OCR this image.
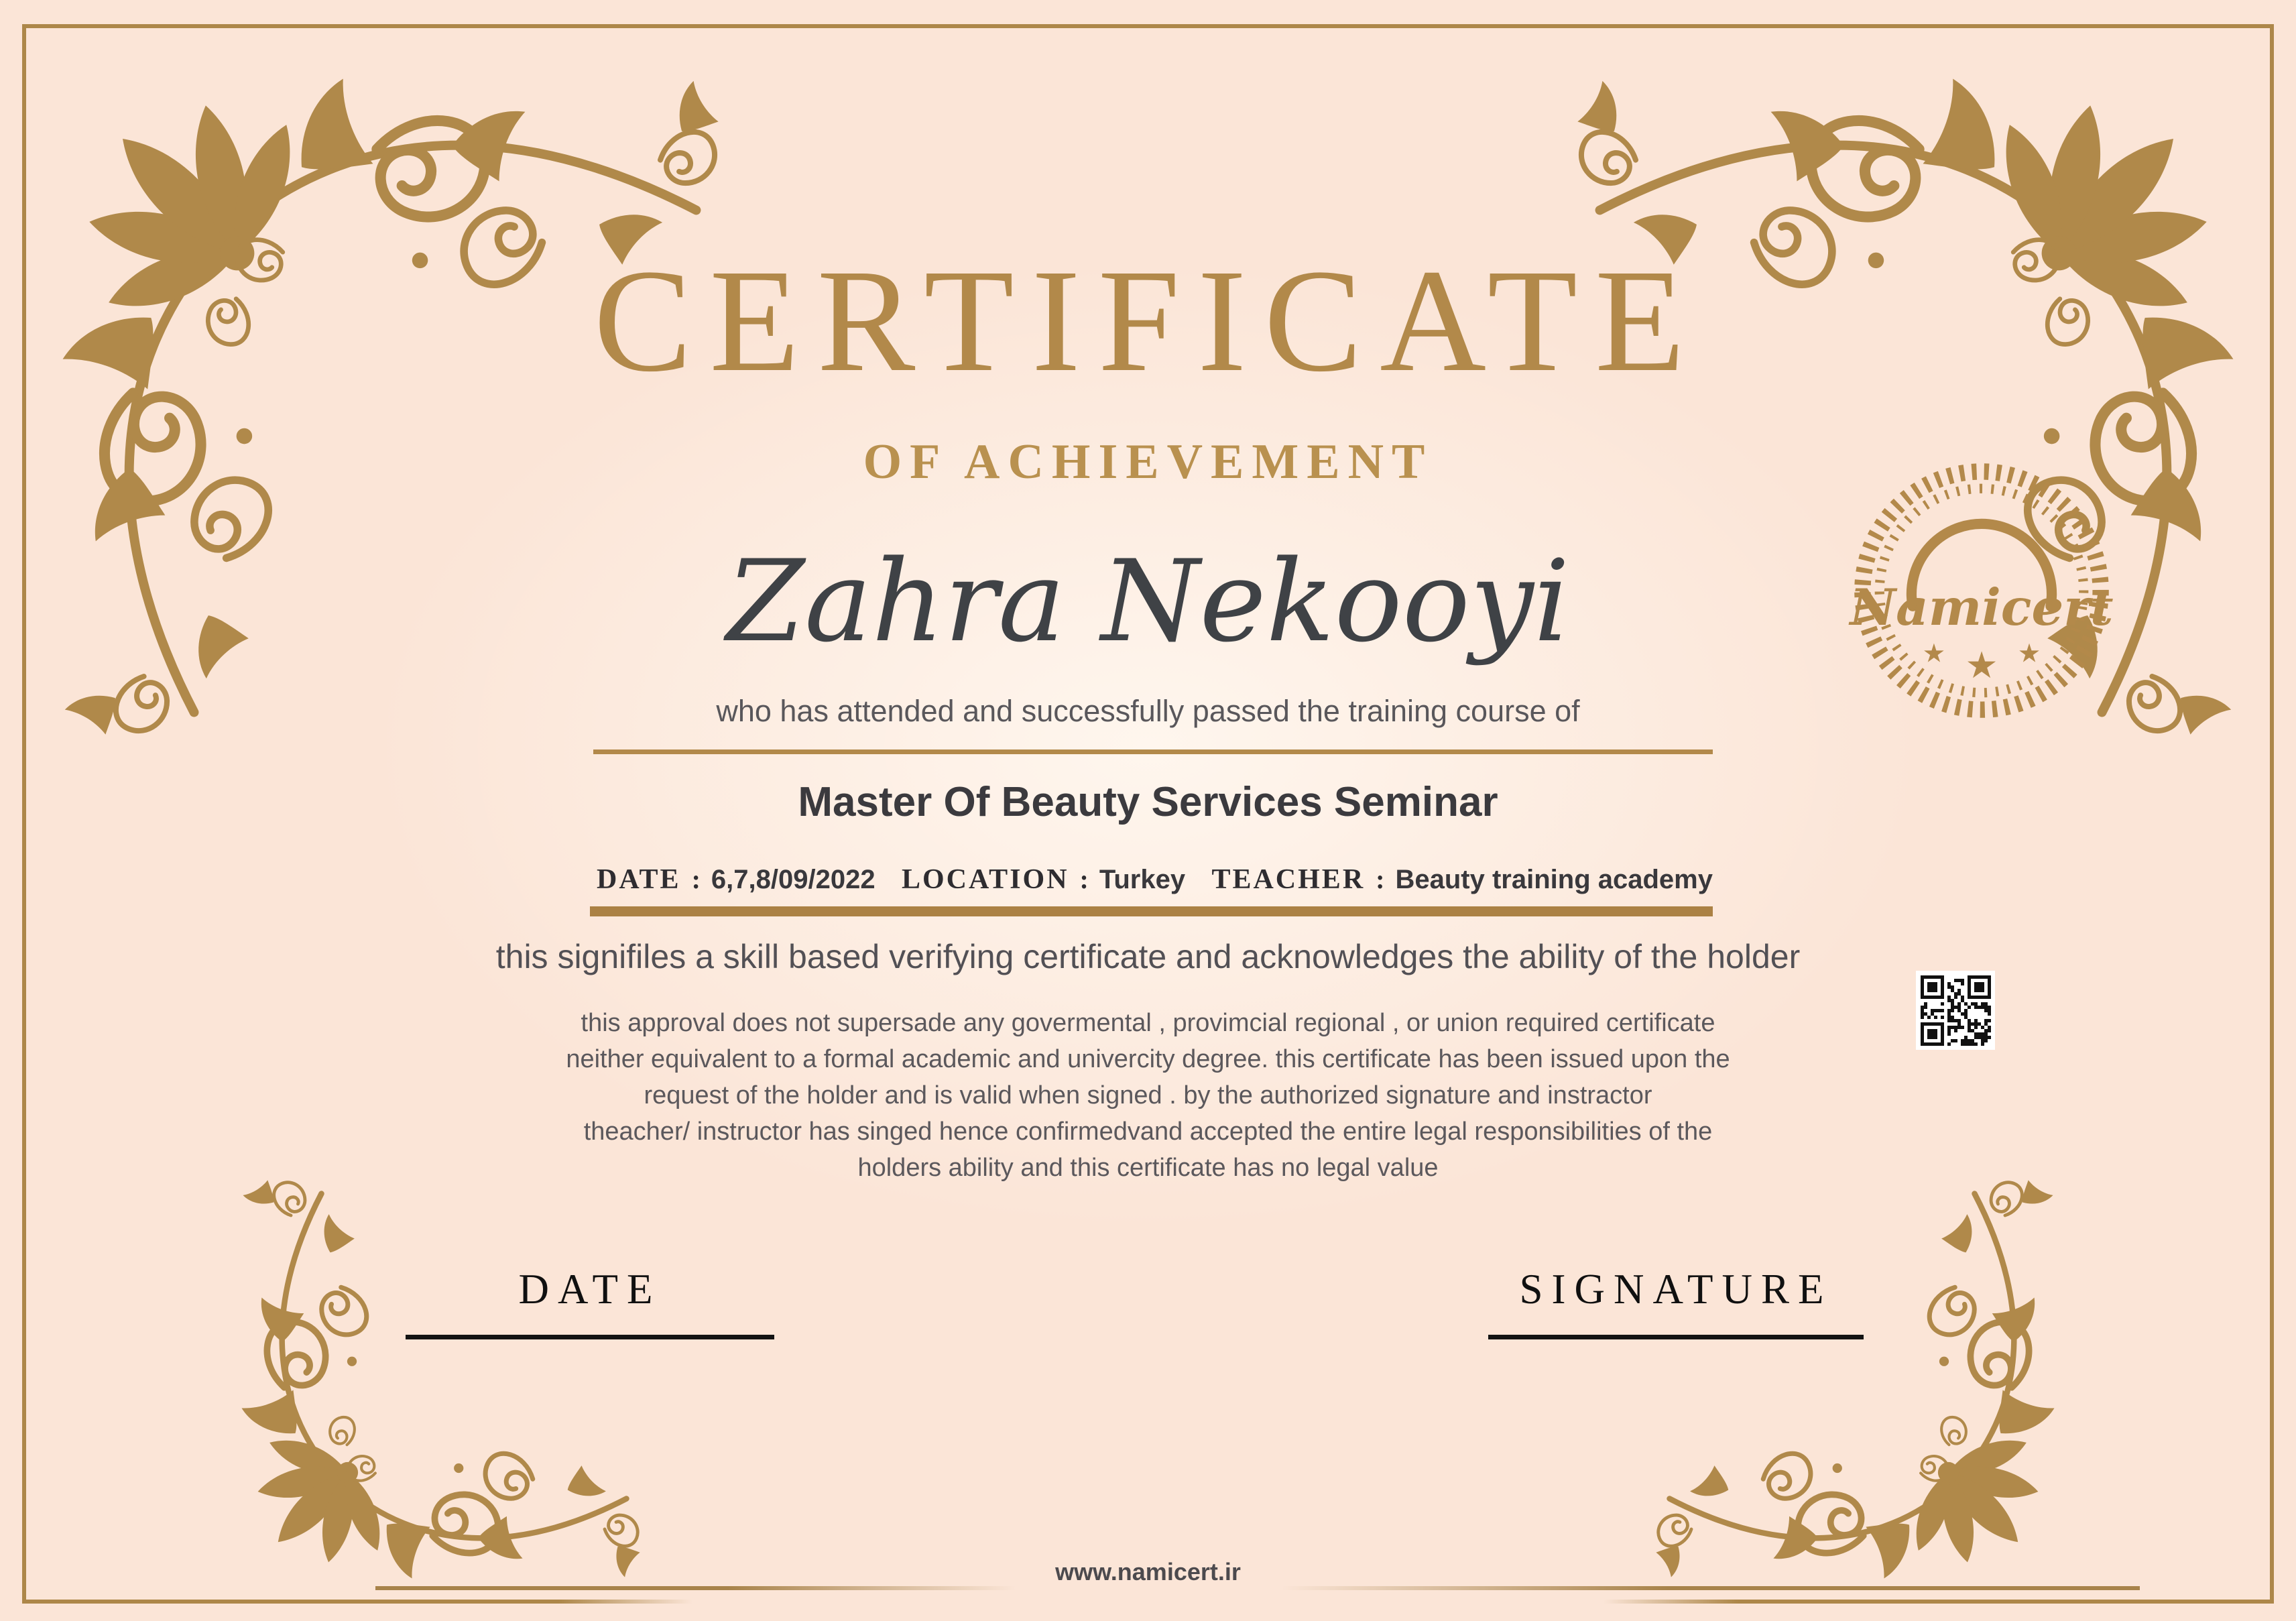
CERTIFICATE
OF ACHIEVEMENT
Zahra Nekooyi
who has attended and successfully passed the training course of
Master Of Beauty Services Seminar
DATE : 6,7,8/09/2022 LOCATION : Turkey TEACHER : Beauty training academy
this signifiles a skill based verifying certificate and acknowledges the ability of the holder
this approval does not supersade any govermental , provimcial regional , or union required certificate
neither equivalent to a formal academic and univercity degree. this certificate has been issued upon the
request of the holder and is valid when signed . by the authorized signature and instractor
theacher/ instructor has singed hence confirmedvand accepted the entire legal responsibilities of the
holders ability and this certificate has no legal value
Namicert
★ ★ ★
DATE	SIGNATURE
www.namicert.ir
